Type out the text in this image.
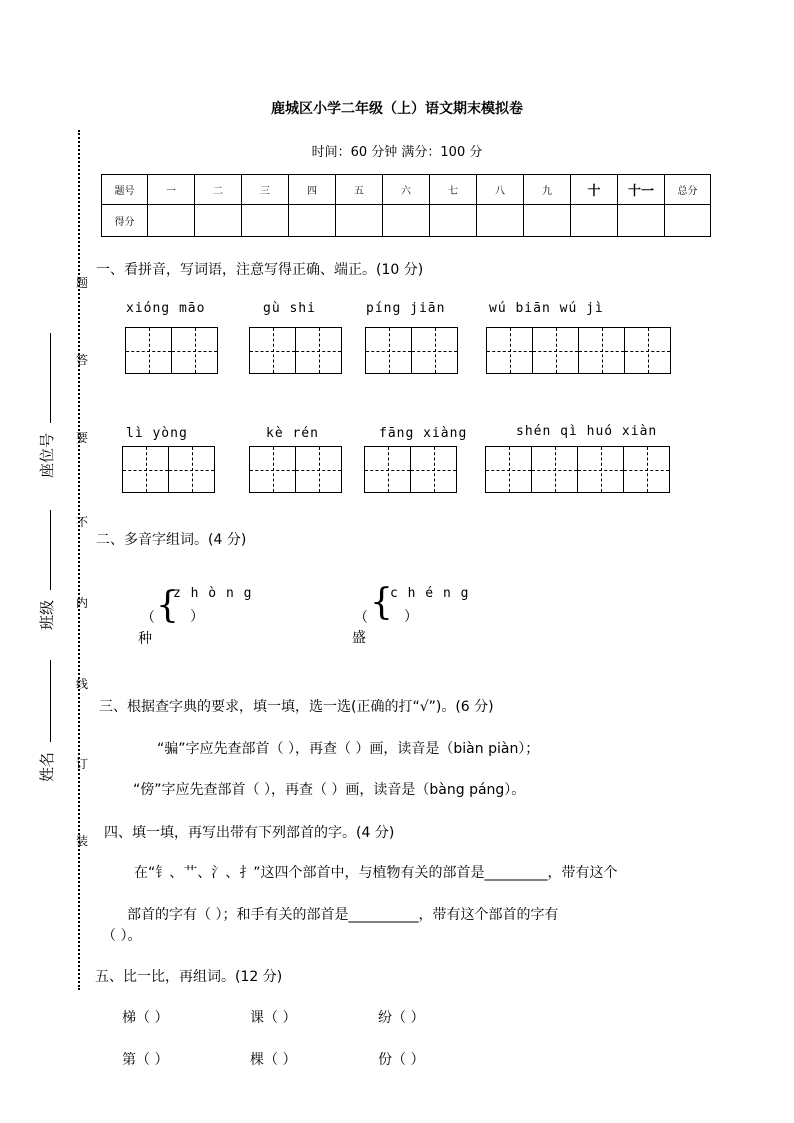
鹿城区小学二年级（上）语文期末模拟卷
时间：60 分钟 满分：100 分
题号	一	二	三	四	五	六	七	八	九	十	十一	总分
得分												
题
答
要
不
内
线
订
装
座位号
班级
姓名
一、看拼音，写词语，注意写得正确、端正。(10 分)
xióng māo	gù shi	píng jiān	wú biān wú jì
lì yòng	kè rén	fāng xiàng	shén qì huó xiàn
二、多音字组词。(4 分)
（
种
{
z h ò n g
）	（
盛
{
c h é n g
）
三、根据查字典的要求，填一填，选一选(正确的打“√”)。(6 分)
“骗”字应先查部首（ ），再查（ ）画，读音是（biàn piàn）；
“傍”字应先查部首（ ），再查（ ）画，读音是（bàng páng）。
四、填一填，再写出带有下列部首的字。(4 分)
在“钅、艹、氵、扌”这四个部首中，与植物有关的部首是_________，带有这个
部首的字有（ ）；和手有关的部首是__________，带有这个部首的字有
（ ）。
五、比一比，再组词。(12 分)
梯（ ）	课（ ）	纷（ ）
第（ ）	棵（ ）	份（ ）
